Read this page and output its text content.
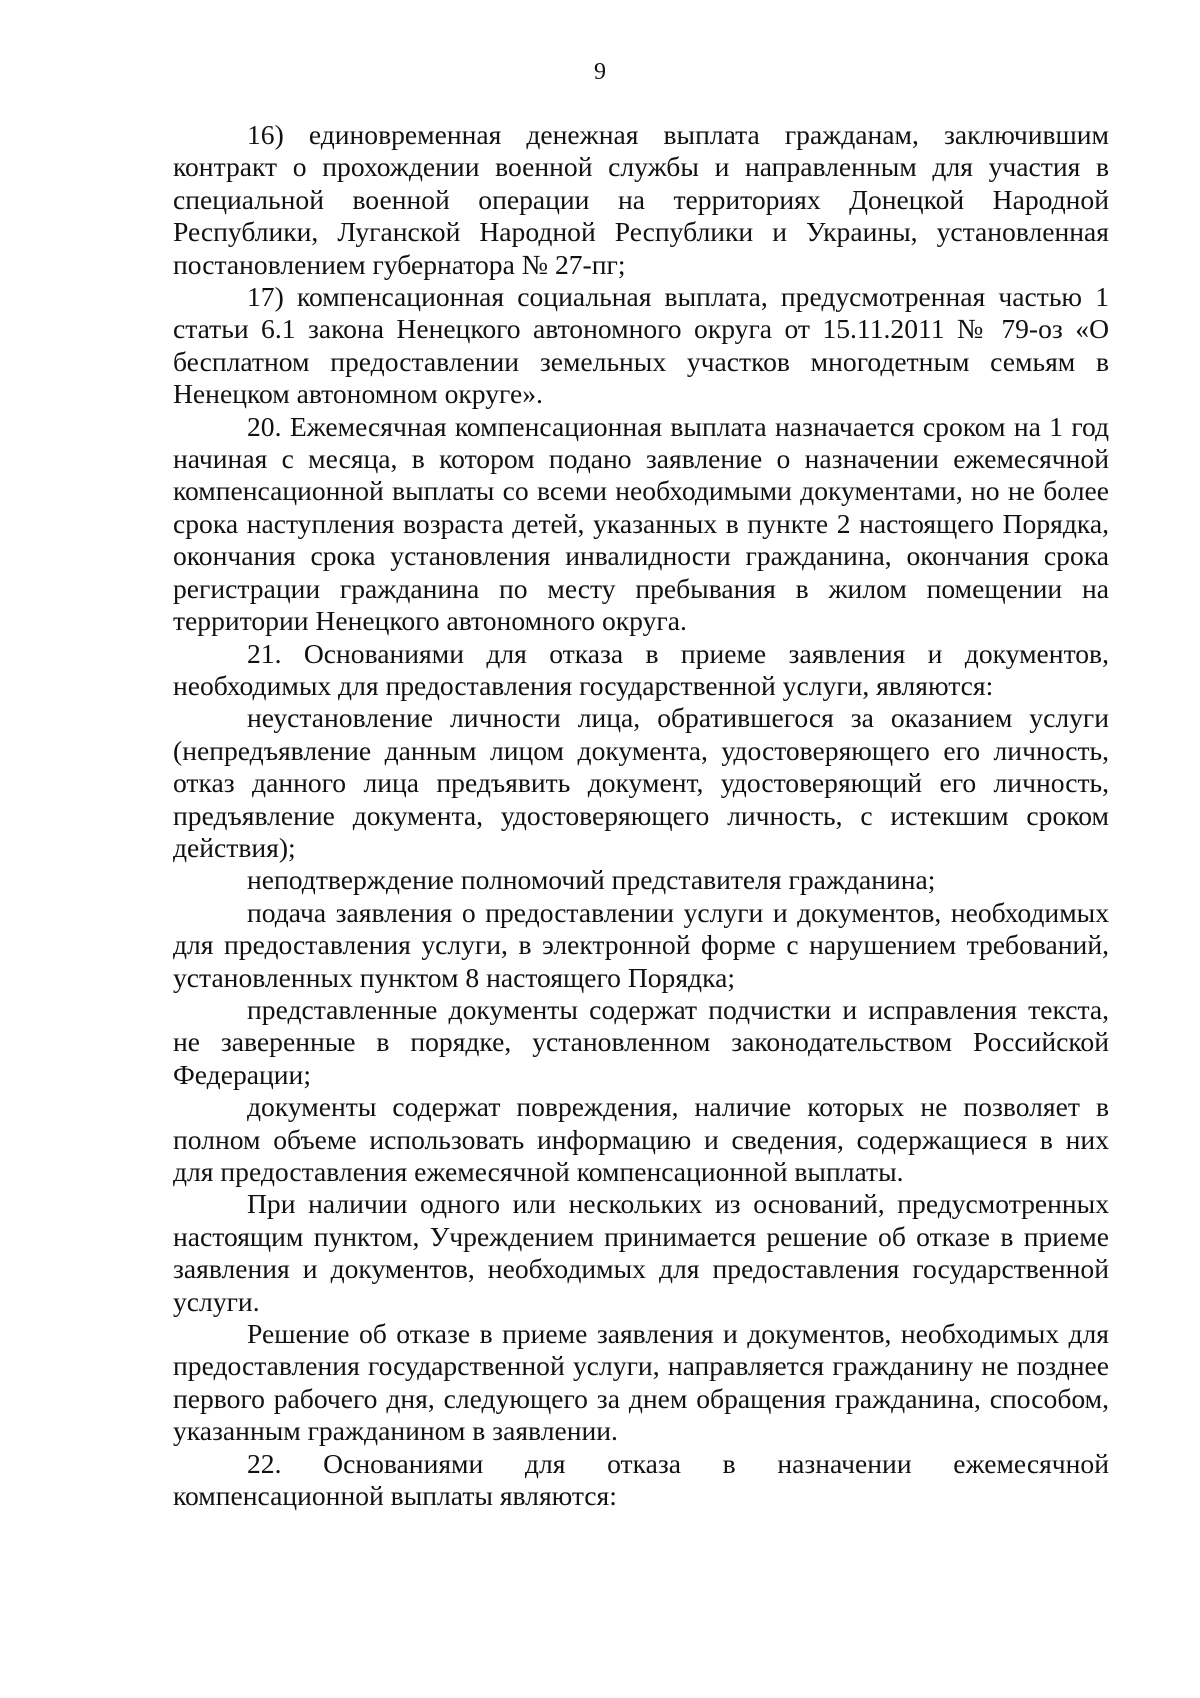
9

16) единовременная денежная выплата гражданам, заключившим контракт о прохождении военной службы и направленным для участия в специальной военной операции на территориях Донецкой Народной Республики, Луганской Народной Республики и Украины, установленная постановлением губернатора № 27-пг;

17) компенсационная социальная выплата, предусмотренная частью 1 статьи 6.1 закона Ненецкого автономного округа от 15.11.2011 № 79-оз «О бесплатном предоставлении земельных участков многодетным семьям в Ненецком автономном округе».

20. Ежемесячная компенсационная выплата назначается сроком на 1 год начиная с месяца, в котором подано заявление о назначении ежемесячной компенсационной выплаты со всеми необходимыми документами, но не более срока наступления возраста детей, указанных в пункте 2 настоящего Порядка, окончания срока установления инвалидности гражданина, окончания срока регистрации гражданина по месту пребывания в жилом помещении на территории Ненецкого автономного округа.

21. Основаниями для отказа в приеме заявления и документов, необходимых для предоставления государственной услуги, являются:

неустановление личности лица, обратившегося за оказанием услуги (непредъявление данным лицом документа, удостоверяющего его личность, отказ данного лица предъявить документ, удостоверяющий его личность, предъявление документа, удостоверяющего личность, с истекшим сроком действия);

неподтверждение полномочий представителя гражданина;

подача заявления о предоставлении услуги и документов, необходимых для предоставления услуги, в электронной форме с нарушением требований, установленных пунктом 8 настоящего Порядка;

представленные документы содержат подчистки и исправления текста, не заверенные в порядке, установленном законодательством Российской Федерации;

документы содержат повреждения, наличие которых не позволяет в полном объеме использовать информацию и сведения, содержащиеся в них для предоставления ежемесячной компенсационной выплаты.

При наличии одного или нескольких из оснований, предусмотренных настоящим пунктом, Учреждением принимается решение об отказе в приеме заявления и документов, необходимых для предоставления государственной услуги.

Решение об отказе в приеме заявления и документов, необходимых для предоставления государственной услуги, направляется гражданину не позднее первого рабочего дня, следующего за днем обращения гражданина, способом, указанным гражданином в заявлении.

22. Основаниями для отказа в назначении ежемесячной компенсационной выплаты являются:
